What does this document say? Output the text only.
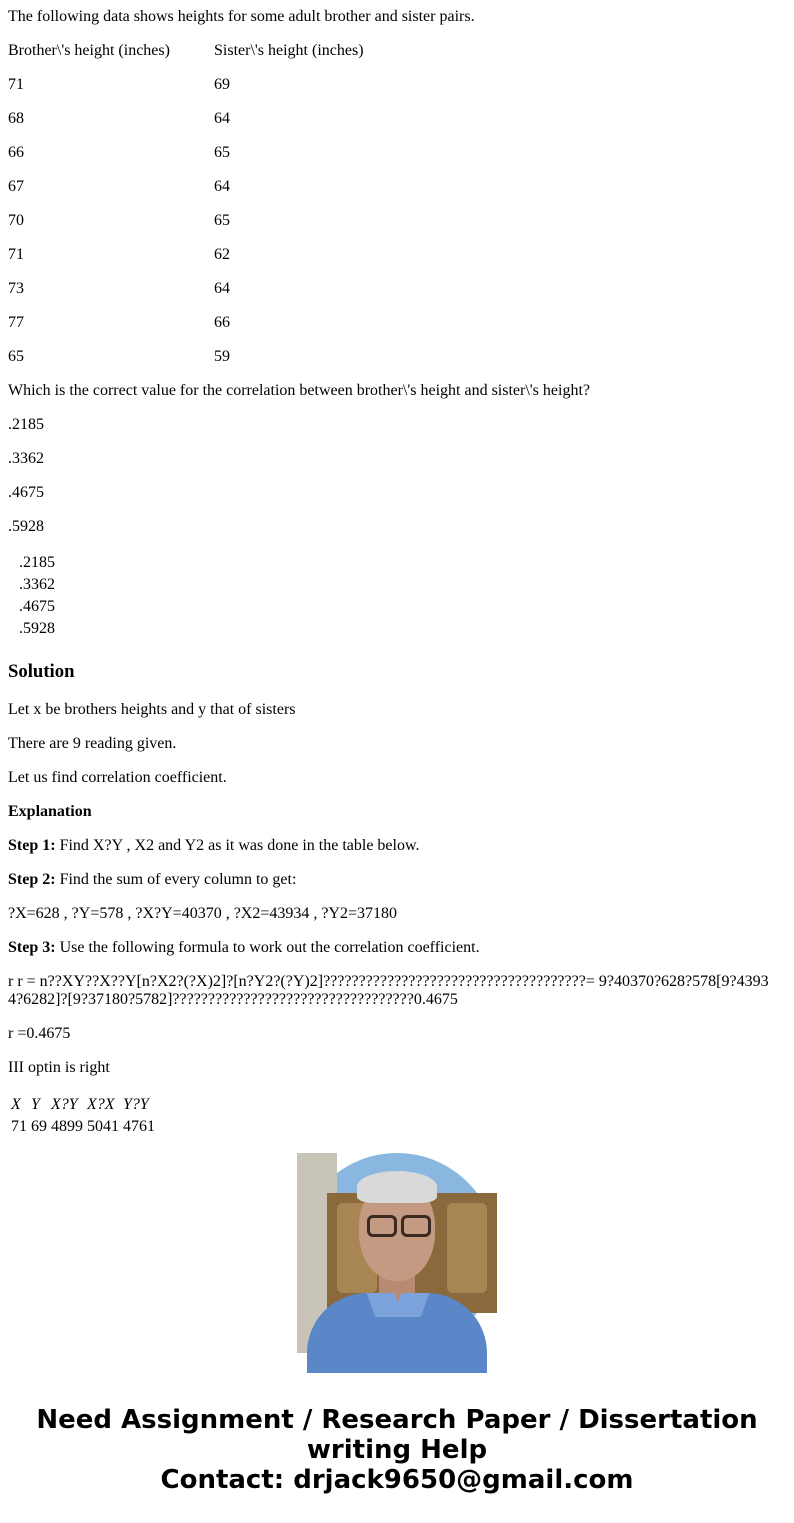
The following data shows heights for some adult brother and sister pairs.

Brother\'s height (inches)	Sister\'s height (inches)
71	69
68	64
66	65
67	64
70	65
71	62
73	64
77	66
65	59

Which is the correct value for the correlation between brother\'s height and sister\'s height?

.2185

.3362

.4675

.5928

.2185
.3362
.4675
.5928
Solution

Let x be brothers heights and y that of sisters

There are 9 reading given.

Let us find correlation coefficient.

Explanation

Step 1: Find X?Y , X2 and Y2 as it was done in the table below.

Step 2: Find the sum of every column to get:

?X=628 , ?Y=578 , ?X?Y=40370 , ?X2=43934 , ?Y2=37180

Step 3: Use the following formula to work out the correlation coefficient.

r r = n??XY??X??Y[n?X2?(?X)2]?[n?Y2?(?Y)2]?????????????????????????????????????= 9?40370?628?578[9?43934?6282]?[9?37180?5782]??????????????????????????????????0.4675

r =0.4675

III optin is right

X	Y	X?Y	X?X	Y?Y
71	69	4899	5041	4761
Need Assignment / Research Paper / Dissertation
writing Help
Contact: drjack9650@gmail.com
